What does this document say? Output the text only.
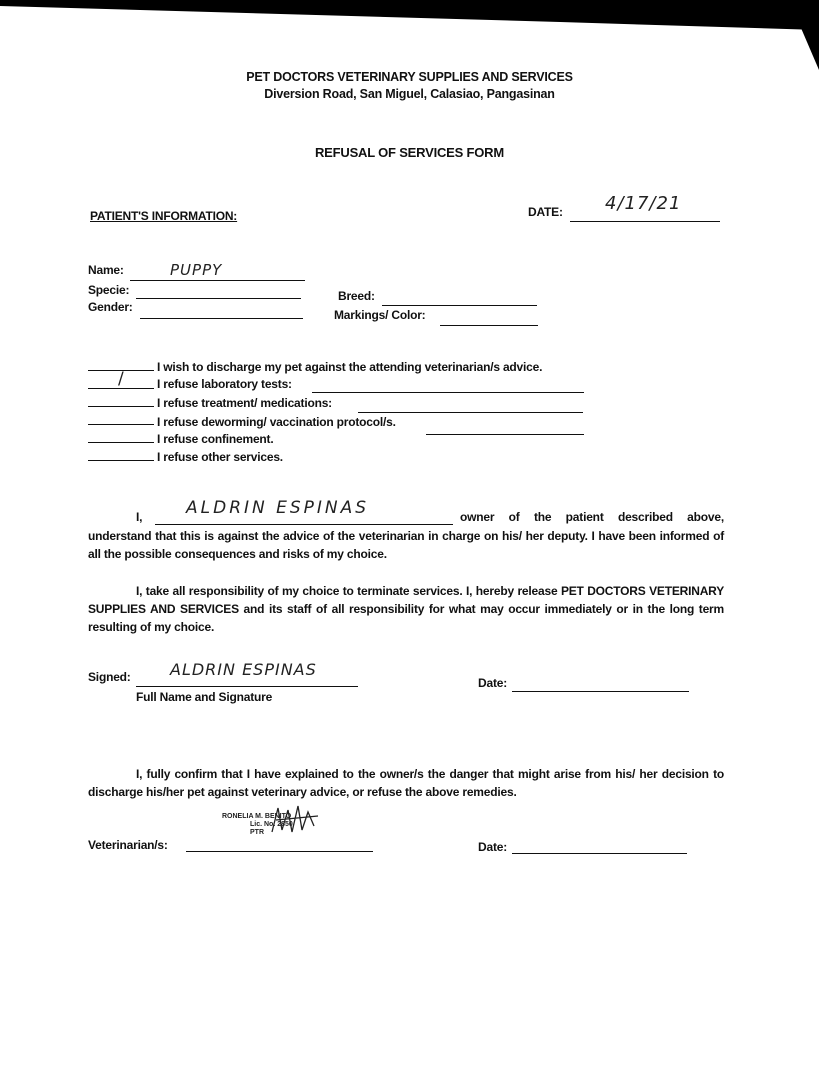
PET DOCTORS VETERINARY SUPPLIES AND SERVICES
Diversion Road, San Miguel, Calasiao, Pangasinan
REFUSAL OF SERVICES FORM
PATIENT'S INFORMATION:	DATE: 4/17/21
Name:	PUPPY
Specie:
Gender:
Breed:
Markings/ Color:
I wish to discharge my pet against the attending veterinarian/s advice.
/	I refuse laboratory tests:
I refuse treatment/ medications:
I refuse deworming/ vaccination protocol/s.
I refuse confinement.
I refuse other services.
I,	ALDRIN ESPINAS	owner of the patient described above,
understand that this is against the advice of the veterinarian in charge on his/ her deputy. I have been informed of all the possible consequences and risks of my choice.
I, take all responsibility of my choice to terminate services. I, hereby release PET DOCTORS VETERINARY SUPPLIES AND SERVICES and its staff of all responsibility for what may occur immediately or in the long term resulting of my choice.
Signed: ALDRIN ESPINAS
Full Name and Signature
Date:
I, fully confirm that I have explained to the owner/s the danger that might arise from his/ her decision to discharge his/her pet against veterinary advice, or refuse the above remedies.
RONELIA M. BENITO
Lic. No. 2850
PTR
Veterinarian/s:	Date:
